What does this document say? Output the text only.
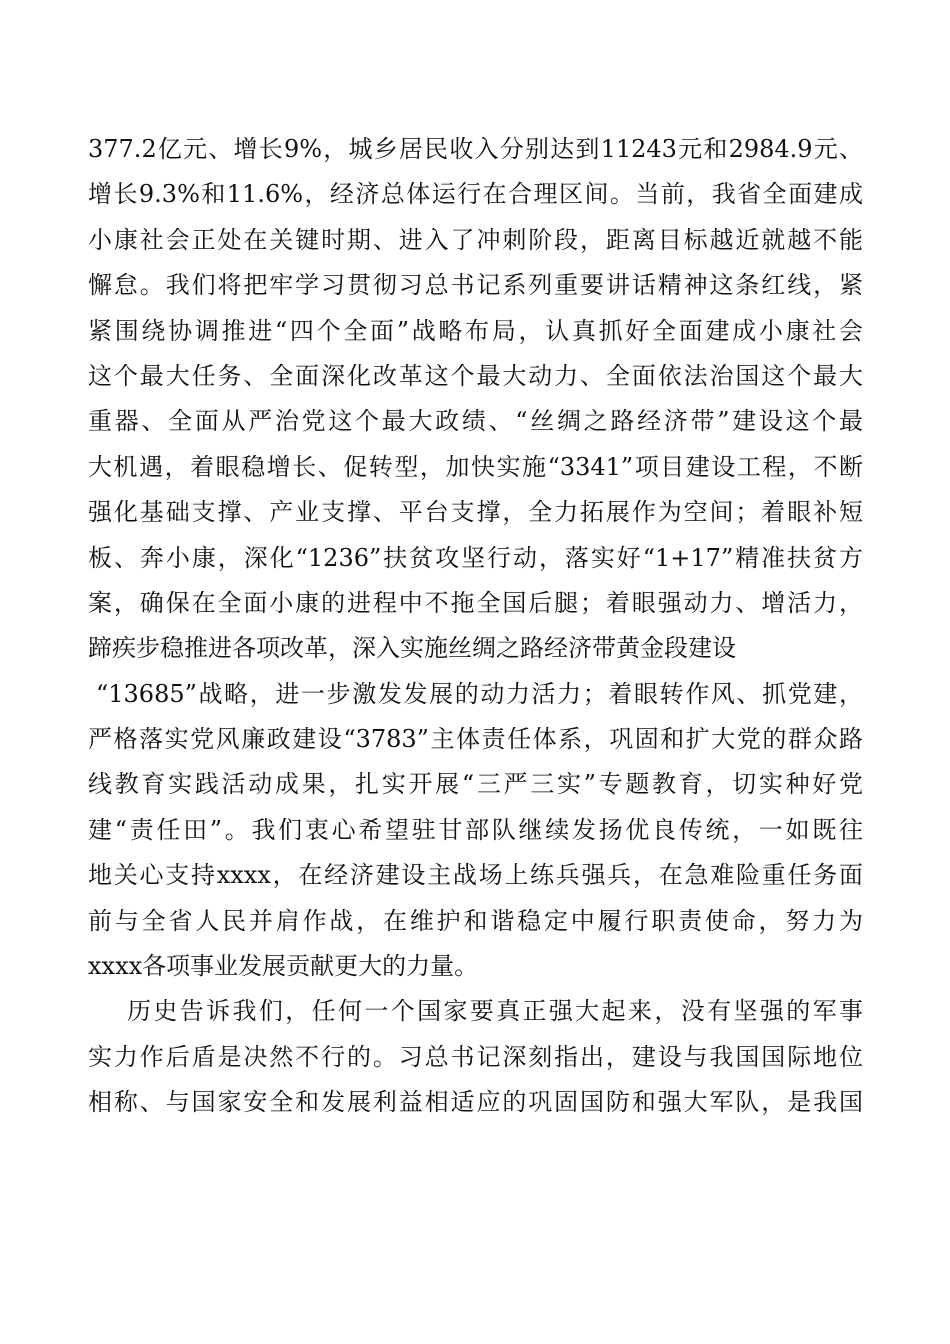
377.2亿元、增长9%，城乡居民收入分别达到11243元和2984.9元、
增长9.3%和11.6%，经济总体运行在合理区间。当前，我省全面建成
小康社会正处在关键时期、进入了冲刺阶段，距离目标越近就越不能
懈怠。我们将把牢学习贯彻习总书记系列重要讲话精神这条红线，紧
紧围绕协调推进“四个全面”战略布局，认真抓好全面建成小康社会
这个最大任务、全面深化改革这个最大动力、全面依法治国这个最大
重器、全面从严治党这个最大政绩、“丝绸之路经济带”建设这个最
大机遇，着眼稳增长、促转型，加快实施“3341”项目建设工程，不断
强化基础支撑、产业支撑、平台支撑，全力拓展作为空间；着眼补短
板、奔小康，深化“1236”扶贫攻坚行动，落实好“1+17”精准扶贫方
案，确保在全面小康的进程中不拖全国后腿；着眼强动力、增活力，
蹄疾步稳推进各项改革，深入实施丝绸之路经济带黄金段建设
“13685”战略，进一步激发发展的动力活力；着眼转作风、抓党建，
严格落实党风廉政建设“3783”主体责任体系，巩固和扩大党的群众路
线教育实践活动成果，扎实开展“三严三实”专题教育，切实种好党
建“责任田”。我们衷心希望驻甘部队继续发扬优良传统，一如既往
地关心支持xxxx，在经济建设主战场上练兵强兵，在急难险重任务面
前与全省人民并肩作战，在维护和谐稳定中履行职责使命，努力为
xxxx各项事业发展贡献更大的力量。
历史告诉我们，任何一个国家要真正强大起来，没有坚强的军事
实力作后盾是决然不行的。习总书记深刻指出，建设与我国国际地位
相称、与国家安全和发展利益相适应的巩固国防和强大军队，是我国
